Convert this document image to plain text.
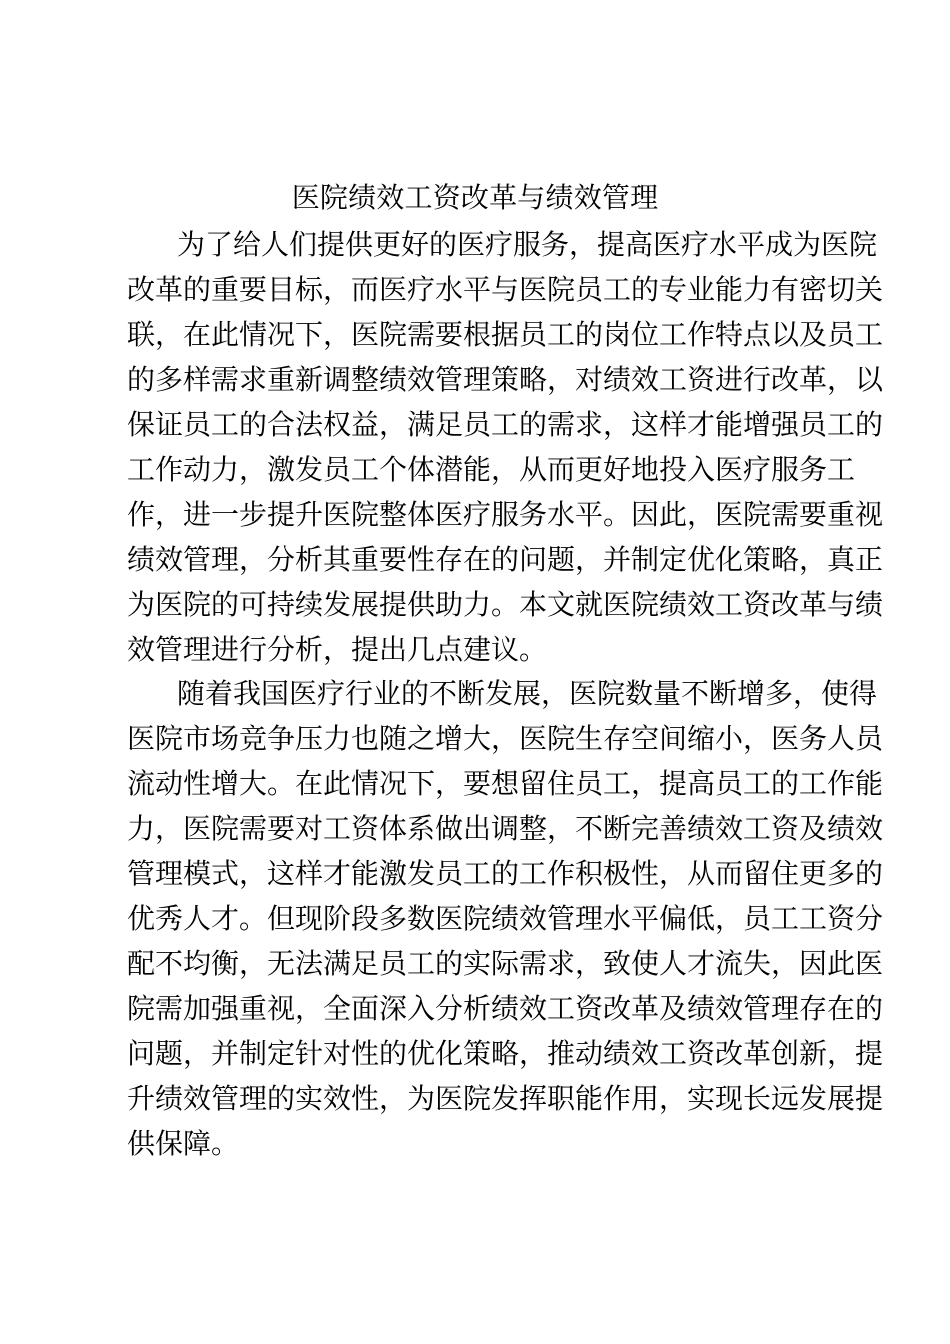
医院绩效工资改革与绩效管理
为了给人们提供更好的医疗服务，提高医疗水平成为医院
改革的重要目标，而医疗水平与医院员工的专业能力有密切关
联，在此情况下，医院需要根据员工的岗位工作特点以及员工
的多样需求重新调整绩效管理策略，对绩效工资进行改革，以
保证员工的合法权益，满足员工的需求，这样才能增强员工的
工作动力，激发员工个体潜能，从而更好地投入医疗服务工
作，进一步提升医院整体医疗服务水平。因此，医院需要重视
绩效管理，分析其重要性存在的问题，并制定优化策略，真正
为医院的可持续发展提供助力。本文就医院绩效工资改革与绩
效管理进行分析，提出几点建议。
随着我国医疗行业的不断发展，医院数量不断增多，使得
医院市场竞争压力也随之增大，医院生存空间缩小，医务人员
流动性增大。在此情况下，要想留住员工，提高员工的工作能
力，医院需要对工资体系做出调整，不断完善绩效工资及绩效
管理模式，这样才能激发员工的工作积极性，从而留住更多的
优秀人才。但现阶段多数医院绩效管理水平偏低，员工工资分
配不均衡，无法满足员工的实际需求，致使人才流失，因此医
院需加强重视，全面深入分析绩效工资改革及绩效管理存在的
问题，并制定针对性的优化策略，推动绩效工资改革创新，提
升绩效管理的实效性，为医院发挥职能作用，实现长远发展提
供保障。
